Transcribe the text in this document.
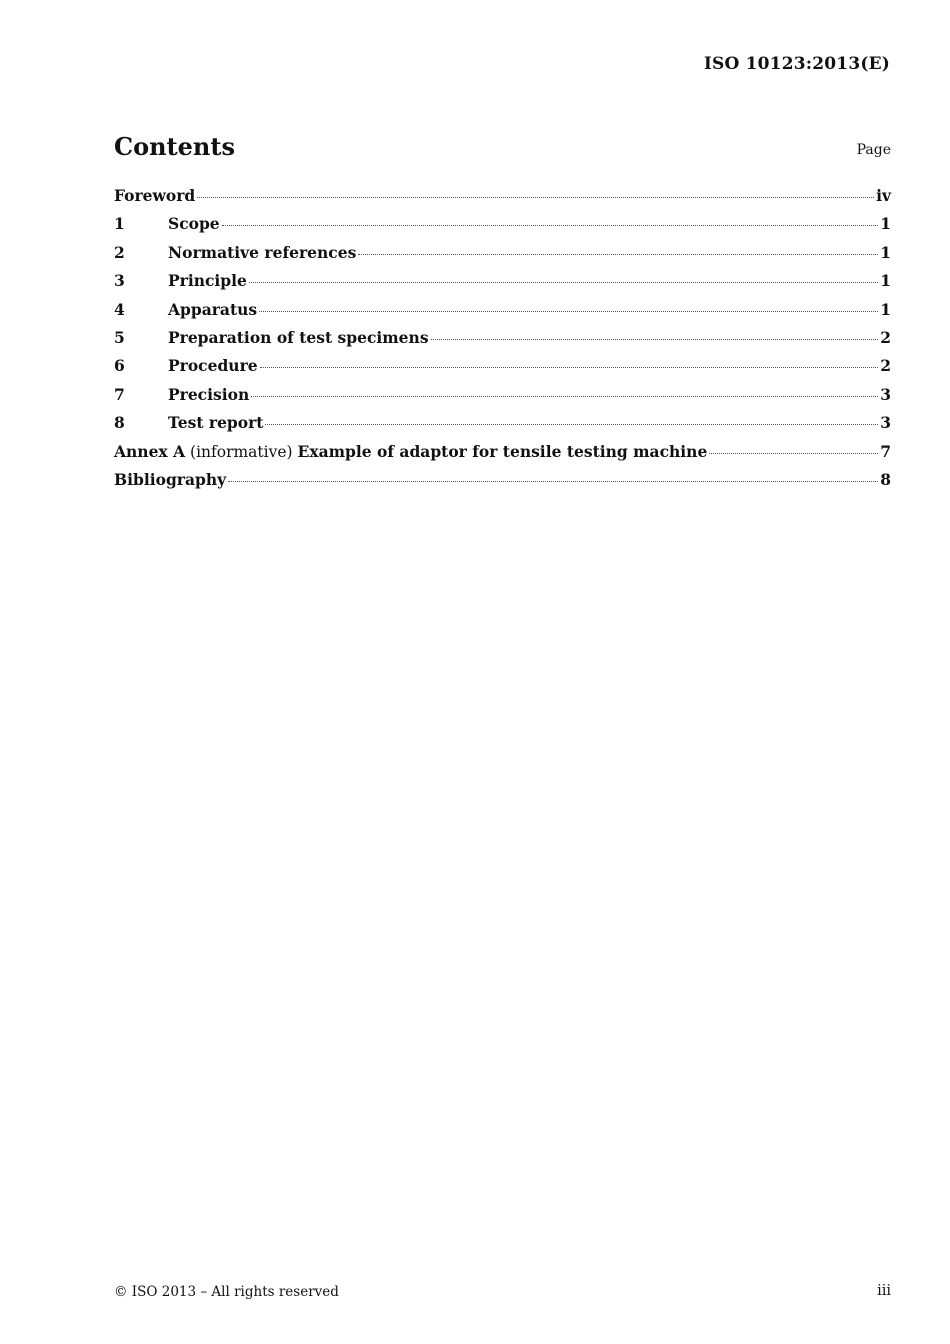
ISO 10123:2013(E)
Contents	Page
Foreword	iv
1	Scope	1
2	Normative references	1
3	Principle	1
4	Apparatus	1
5	Preparation of test specimens	2
6	Procedure	2
7	Precision	3
8	Test report	3
Annex A (informative) Example of adaptor for tensile testing machine	7
Bibliography	8
© ISO 2013 – All rights reserved	iii
